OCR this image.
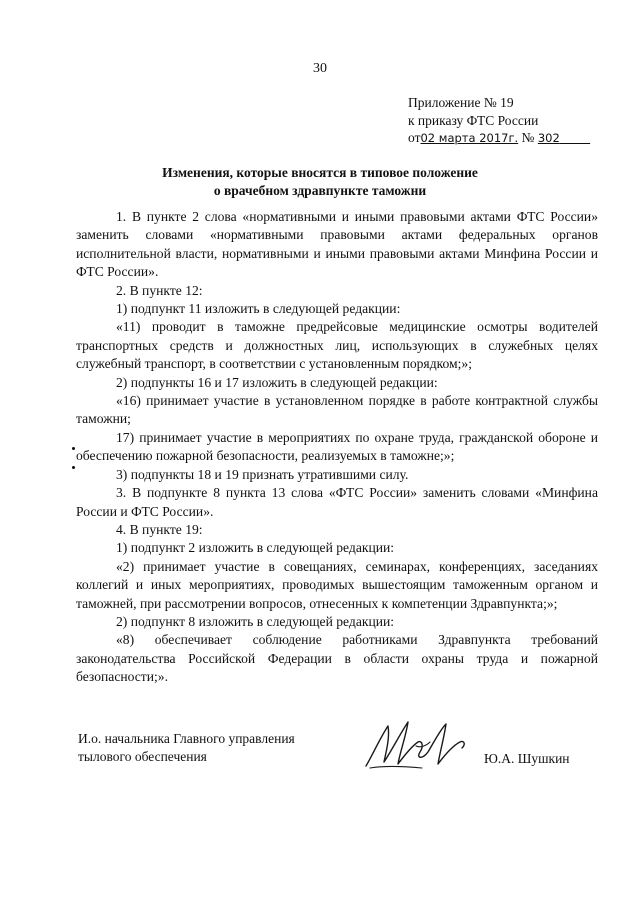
30
Приложение № 19
к приказу ФТС России
от02 марта 2017г. № 302
Изменения, которые вносятся в типовое положение
о врачебном здравпункте таможни

1. В пункте 2 слова «нормативными и иными правовыми актами ФТС России» заменить словами «нормативными правовыми актами федеральных органов исполнительной власти, нормативными и иными правовыми актами Минфина России и ФТС России».

2. В пункте 12:

1) подпункт 11 изложить в следующей редакции:

«11) проводит в таможне предрейсовые медицинские осмотры водителей транспортных средств и должностных лиц, использующих в служебных целях служебный транспорт, в соответствии с установленным порядком;»;

2) подпункты 16 и 17 изложить в следующей редакции:

«16) принимает участие в установленном порядке в работе контрактной службы таможни;

17) принимает участие в мероприятиях по охране труда, гражданской обороне и обеспечению пожарной безопасности, реализуемых в таможне;»;

3) подпункты 18 и 19 признать утратившими силу.

3. В подпункте 8 пункта 13 слова «ФТС России» заменить словами «Минфина России и ФТС России».

4. В пункте 19:

1) подпункт 2 изложить в следующей редакции:

«2) принимает участие в совещаниях, семинарах, конференциях, заседаниях коллегий и иных мероприятиях, проводимых вышестоящим таможенным органом и таможней, при рассмотрении вопросов, отнесенных к компетенции Здравпункта;»;

2) подпункт 8 изложить в следующей редакции:

«8) обеспечивает соблюдение работниками Здравпункта требований законодательства Российской Федерации в области охраны труда и пожарной безопасности;».

И.о. начальника Главного управления
тылового обеспечения	Ю.А. Шушкин
